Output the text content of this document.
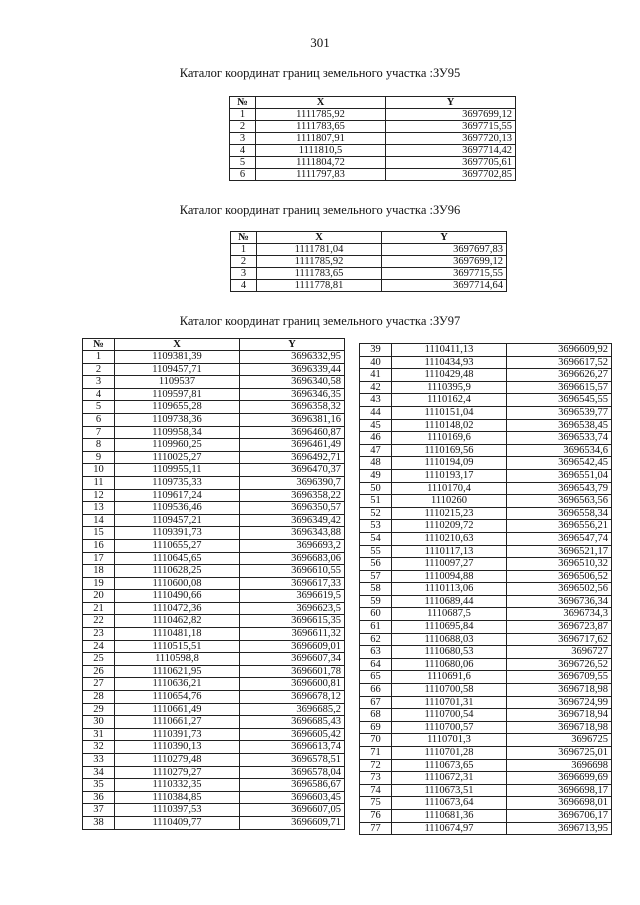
301
Каталог координат границ земельного участка :ЗУ95
№	X	Y
1	1111785,92	3697699,12
2	1111783,65	3697715,55
3	1111807,91	3697720,13
4	1111810,5	3697714,42
5	1111804,72	3697705,61
6	1111797,83	3697702,85
Каталог координат границ земельного участка :ЗУ96
№	X	Y
1	1111781,04	3697697,83
2	1111785,92	3697699,12
3	1111783,65	3697715,55
4	1111778,81	3697714,64
Каталог координат границ земельного участка :ЗУ97
№	X	Y
1	1109381,39	3696332,95
2	1109457,71	3696339,44
3	1109537	3696340,58
4	1109597,81	3696346,35
5	1109655,28	3696358,32
6	1109738,36	3696381,16
7	1109958,34	3696460,87
8	1109960,25	3696461,49
9	1110025,27	3696492,71
10	1109955,11	3696470,37
11	1109735,33	3696390,7
12	1109617,24	3696358,22
13	1109536,46	3696350,57
14	1109457,21	3696349,42
15	1109391,73	3696343,88
16	1110655,27	3696693,2
17	1110645,65	3696683,06
18	1110628,25	3696610,55
19	1110600,08	3696617,33
20	1110490,66	3696619,5
21	1110472,36	3696623,5
22	1110462,82	3696615,35
23	1110481,18	3696611,32
24	1110515,51	3696609,01
25	1110598,8	3696607,34
26	1110621,95	3696601,78
27	1110636,21	3696600,81
28	1110654,76	3696678,12
29	1110661,49	3696685,2
30	1110661,27	3696685,43
31	1110391,73	3696605,42
32	1110390,13	3696613,74
33	1110279,48	3696578,51
34	1110279,27	3696578,04
35	1110332,35	3696586,67
36	1110384,85	3696603,45
37	1110397,53	3696607,05
38	1110409,77	3696609,71
39	1110411,13	3696609,92
40	1110434,93	3696617,52
41	1110429,48	3696626,27
42	1110395,9	3696615,57
43	1110162,4	3696545,55
44	1110151,04	3696539,77
45	1110148,02	3696538,45
46	1110169,6	3696533,74
47	1110169,56	3696534,6
48	1110194,09	3696542,45
49	1110193,17	3696551,04
50	1110170,4	3696543,79
51	1110260	3696563,56
52	1110215,23	3696558,34
53	1110209,72	3696556,21
54	1110210,63	3696547,74
55	1110117,13	3696521,17
56	1110097,27	3696510,32
57	1110094,88	3696506,52
58	1110113,06	3696502,56
59	1110689,44	3696736,34
60	1110687,5	3696734,3
61	1110695,84	3696723,87
62	1110688,03	3696717,62
63	1110680,53	3696727
64	1110680,06	3696726,52
65	1110691,6	3696709,55
66	1110700,58	3696718,98
67	1110701,31	3696724,99
68	1110700,54	3696718,94
69	1110700,57	3696718,98
70	1110701,3	3696725
71	1110701,28	3696725,01
72	1110673,65	3696698
73	1110672,31	3696699,69
74	1110673,51	3696698,17
75	1110673,64	3696698,01
76	1110681,36	3696706,17
77	1110674,97	3696713,95
